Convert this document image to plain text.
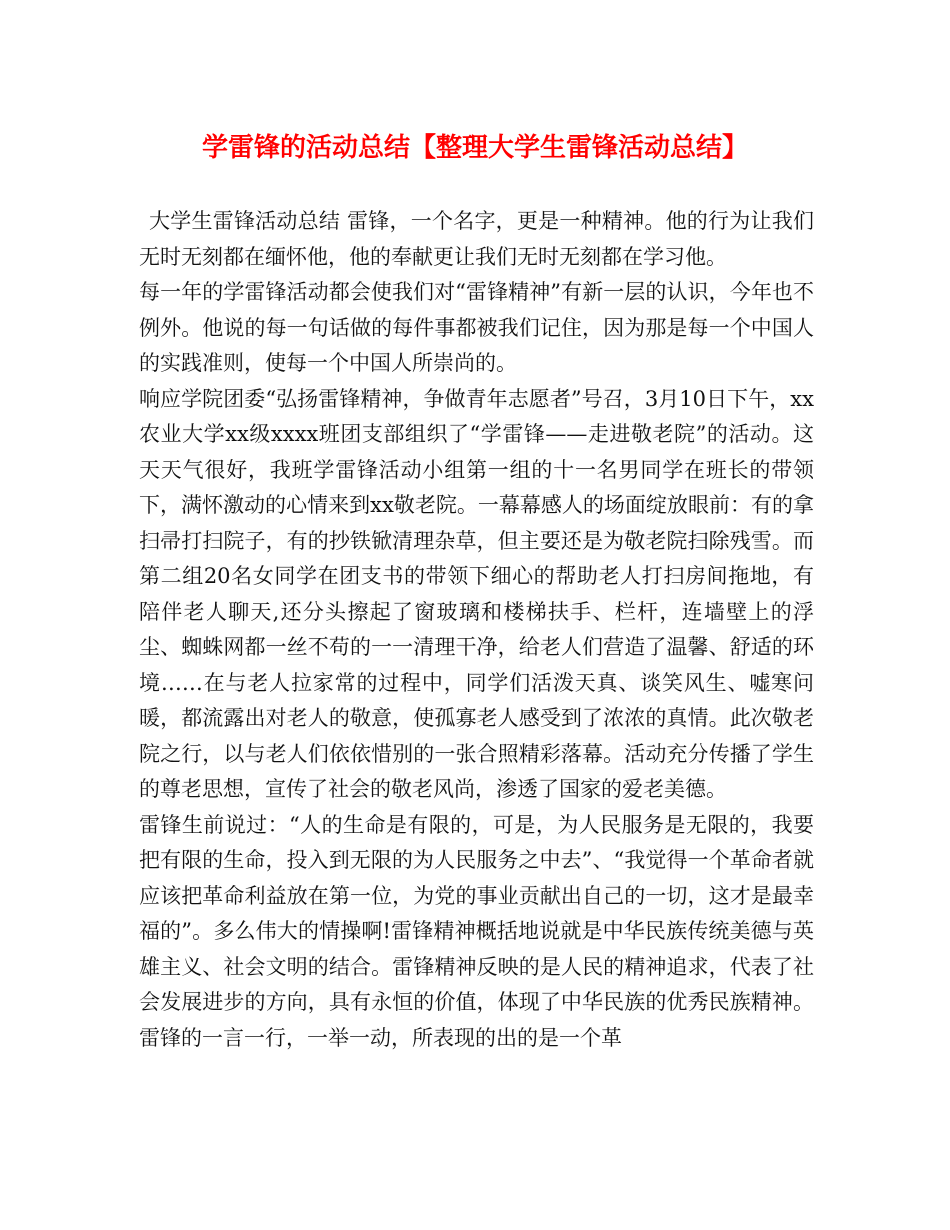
学雷锋的活动总结【整理大学生雷锋活动总结】

大学生雷锋活动总结 雷锋，一个名字，更是一种精神。他的行为让我们无时无刻都在缅怀他，他的奉献更让我们无时无刻都在学习他。

每一年的学雷锋活动都会使我们对“雷锋精神”有新一层的认识，今年也不例外。他说的每一句话做的每件事都被我们记住，因为那是每一个中国人的实践准则，使每一个中国人所崇尚的。

响应学院团委“弘扬雷锋精神，争做青年志愿者”号召，3月10日下午，xx农业大学xx级xxxx班团支部组织了“学雷锋——走进敬老院”的活动。这天天气很好，我班学雷锋活动小组第一组的十一名男同学在班长的带领下，满怀激动的心情来到xx敬老院。一幕幕感人的场面绽放眼前：有的拿扫帚打扫院子，有的抄铁锨清理杂草，但主要还是为敬老院扫除残雪。而第二组20名女同学在团支书的带领下细心的帮助老人打扫房间拖地，有陪伴老人聊天,还分头擦起了窗玻璃和楼梯扶手、栏杆，连墙壁上的浮尘、蜘蛛网都一丝不苟的一一清理干净，给老人们营造了温馨、舒适的环境……在与老人拉家常的过程中，同学们活泼天真、谈笑风生、嘘寒问暖，都流露出对老人的敬意，使孤寡老人感受到了浓浓的真情。此次敬老院之行，以与老人们依依惜别的一张合照精彩落幕。活动充分传播了学生的尊老思想，宣传了社会的敬老风尚，渗透了国家的爱老美德。

雷锋生前说过：“人的生命是有限的，可是，为人民服务是无限的，我要把有限的生命，投入到无限的为人民服务之中去”、“我觉得一个革命者就应该把革命利益放在第一位，为党的事业贡献出自己的一切，这才是最幸福的”。多么伟大的情操啊!雷锋精神概括地说就是中华民族传统美德与英雄主义、社会文明的结合。雷锋精神反映的是人民的精神追求，代表了社会发展进步的方向，具有永恒的价值，体现了中华民族的优秀民族精神。雷锋的一言一行，一举一动，所表现的出的是一个革
